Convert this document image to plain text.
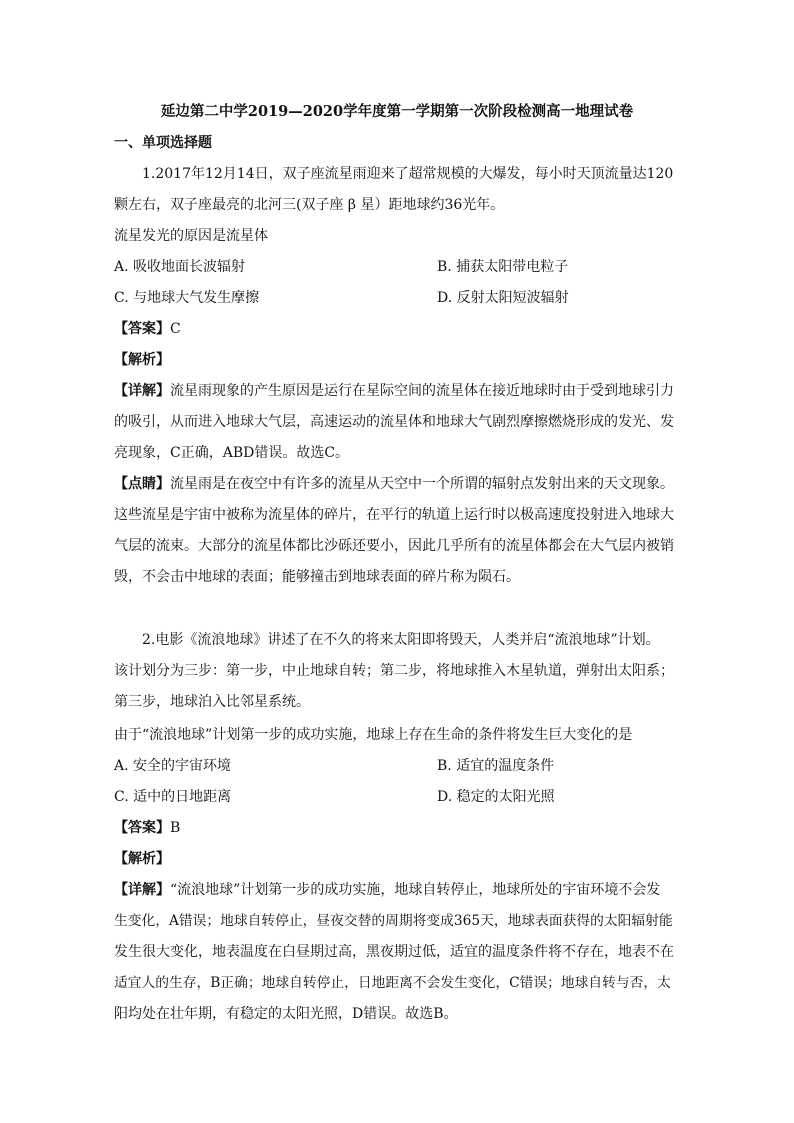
延边第二中学2019—2020学年度第一学期第一次阶段检测高一地理试卷
一、单项选择题
1.2017年12月14日，双子座流星雨迎来了超常规模的大爆发，每小时天顶流量达120
颗左右，双子座最亮的北河三(双子座 β 星）距地球约36光年。
流星发光的原因是流星体
A. 吸收地面长波辐射	B. 捕获太阳带电粒子
C. 与地球大气发生摩擦	D. 反射太阳短波辐射
【答案】C
【解析】
【详解】流星雨现象的产生原因是运行在星际空间的流星体在接近地球时由于受到地球引力
的吸引，从而进入地球大气层，高速运动的流星体和地球大气剧烈摩擦燃烧形成的发光、发
亮现象，C正确，ABD错误。故选C。
【点睛】流星雨是在夜空中有许多的流星从天空中一个所谓的辐射点发射出来的天文现象。
这些流星是宇宙中被称为流星体的碎片，在平行的轨道上运行时以极高速度投射进入地球大
气层的流束。大部分的流星体都比沙砾还要小，因此几乎所有的流星体都会在大气层内被销
毁，不会击中地球的表面；能够撞击到地球表面的碎片称为陨石。
2.电影《流浪地球》讲述了在不久的将来太阳即将毁天，人类并启“流浪地球”计划。
该计划分为三步：第一步，中止地球自转；第二步，将地球推入木星轨道，弹射出太阳系；
第三步，地球泊入比邻星系统。
由于“流浪地球”计划第一步的成功实施，地球上存在生命的条件将发生巨大变化的是
A. 安全的宇宙环境	B. 适宜的温度条件
C. 适中的日地距离	D. 稳定的太阳光照
【答案】B
【解析】
【详解】“流浪地球”计划第一步的成功实施，地球自转停止，地球所处的宇宙环境不会发
生变化，A错误；地球自转停止，昼夜交替的周期将变成365天，地球表面获得的太阳辐射能
发生很大变化，地表温度在白昼期过高，黑夜期过低，适宜的温度条件将不存在，地表不在
适宜人的生存，B正确；地球自转停止，日地距离不会发生变化，C错误；地球自转与否，太
阳均处在壮年期，有稳定的太阳光照，D错误。故选B。
